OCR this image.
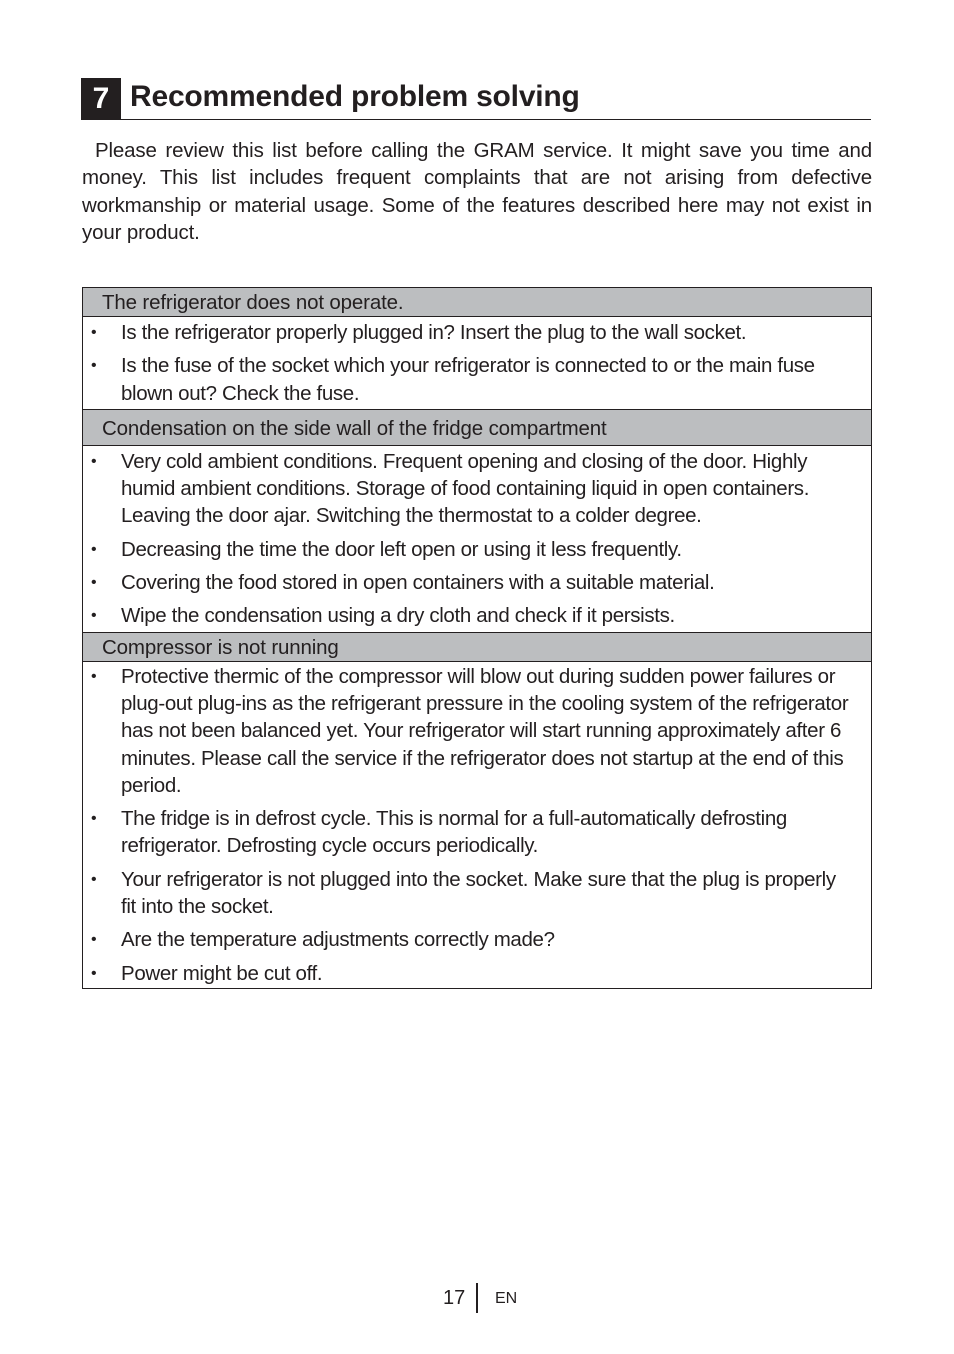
7 Recommended problem solving

Please review this list before calling the GRAM service. It might save you time and money. This list includes frequent complaints that are not arising from defective workmanship or material usage. Some of the features described here may not exist in your product.

The refrigerator does not operate.
• Is the refrigerator properly plugged in? Insert the plug to the wall socket.
• Is the fuse of the socket which your refrigerator is connected to or the main fuse blown out? Check the fuse.
Condensation on the side wall of the fridge compartment
• Very cold ambient conditions. Frequent opening and closing of the door. Highly humid ambient conditions. Storage of food containing liquid in open containers. Leaving the door ajar. Switching the thermostat to a colder degree.
• Decreasing the time the door left open or using it less frequently.
• Covering the food stored in open containers with a suitable material.
• Wipe the condensation using a dry cloth and check if it persists.
Compressor is not running
• Protective thermic of the compressor will blow out during sudden power failures or plug-out plug-ins as the refrigerant pressure in the cooling system of the refrigerator has not been balanced yet. Your refrigerator will start running approximately after 6 minutes. Please call the service if the refrigerator does not startup at the end of this period.
• The fridge is in defrost cycle. This is normal for a full-automatically defrosting refrigerator. Defrosting cycle occurs periodically.
• Your refrigerator is not plugged into the socket. Make sure that the plug is properly fit into the socket.
• Are the temperature adjustments correctly made?
• Power might be cut off.
17 EN
